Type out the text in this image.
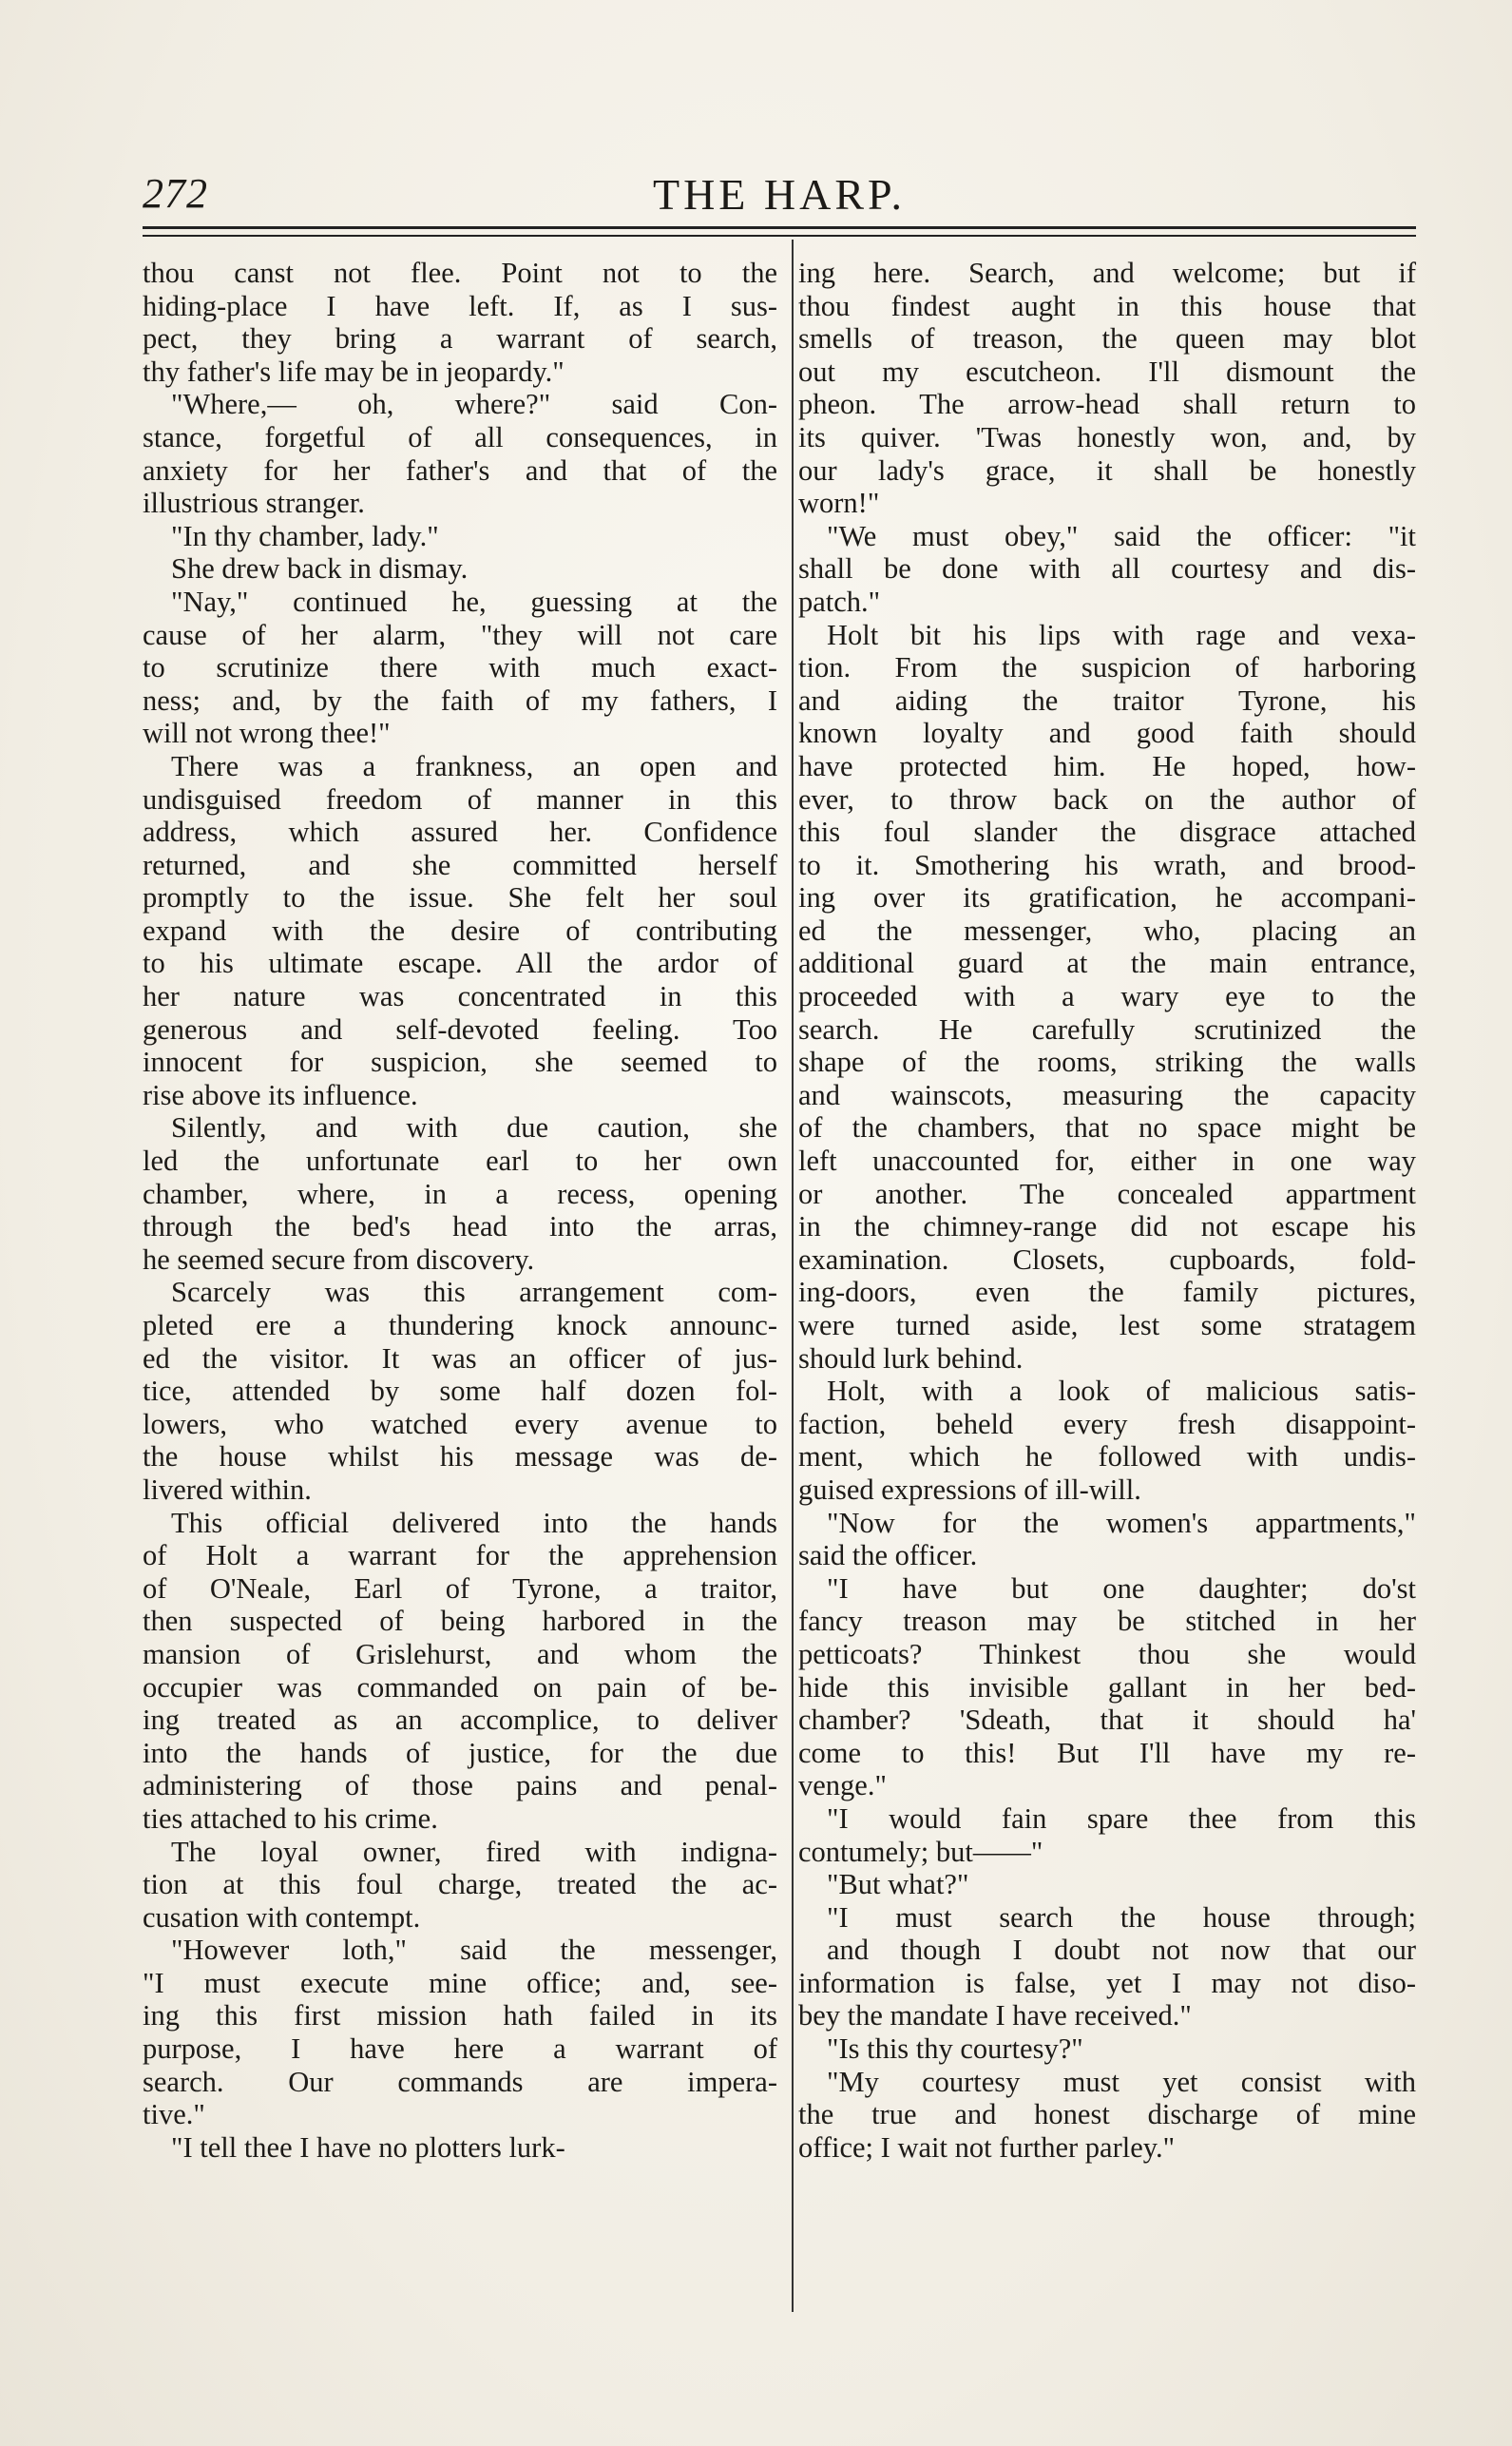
272	THE HARP.
thou canst not flee. Point not to the
hiding-place I have left. If, as I sus-
pect, they bring a warrant of search,
thy father's life may be in jeopardy."
"Where,— oh, where?" said Con-
stance, forgetful of all consequences, in
anxiety for her father's and that of the
illustrious stranger.
"In thy chamber, lady."
She drew back in dismay.
"Nay," continued he, guessing at the
cause of her alarm, "they will not care
to scrutinize there with much exact-
ness; and, by the faith of my fathers, I
will not wrong thee!"
There was a frankness, an open and
undisguised freedom of manner in this
address, which assured her. Confidence
returned, and she committed herself
promptly to the issue. She felt her soul
expand with the desire of contributing
to his ultimate escape. All the ardor of
her nature was concentrated in this
generous and self-devoted feeling. Too
innocent for suspicion, she seemed to
rise above its influence.
Silently, and with due caution, she
led the unfortunate earl to her own
chamber, where, in a recess, opening
through the bed's head into the arras,
he seemed secure from discovery.
Scarcely was this arrangement com-
pleted ere a thundering knock announc-
ed the visitor. It was an officer of jus-
tice, attended by some half dozen fol-
lowers, who watched every avenue to
the house whilst his message was de-
livered within.
This official delivered into the hands
of Holt a warrant for the apprehension
of O'Neale, Earl of Tyrone, a traitor,
then suspected of being harbored in the
mansion of Grislehurst, and whom the
occupier was commanded on pain of be-
ing treated as an accomplice, to deliver
into the hands of justice, for the due
administering of those pains and penal-
ties attached to his crime.
The loyal owner, fired with indigna-
tion at this foul charge, treated the ac-
cusation with contempt.
"However loth," said the messenger,
"I must execute mine office; and, see-
ing this first mission hath failed in its
purpose, I have here a warrant of
search. Our commands are impera-
tive."
"I tell thee I have no plotters lurk-
ing here. Search, and welcome; but if
thou findest aught in this house that
smells of treason, the queen may blot
out my escutcheon. I'll dismount the
pheon. The arrow-head shall return to
its quiver. 'Twas honestly won, and, by
our lady's grace, it shall be honestly
worn!"
"We must obey," said the officer: "it
shall be done with all courtesy and dis-
patch."
Holt bit his lips with rage and vexa-
tion. From the suspicion of harboring
and aiding the traitor Tyrone, his
known loyalty and good faith should
have protected him. He hoped, how-
ever, to throw back on the author of
this foul slander the disgrace attached
to it. Smothering his wrath, and brood-
ing over its gratification, he accompani-
ed the messenger, who, placing an
additional guard at the main entrance,
proceeded with a wary eye to the
search. He carefully scrutinized the
shape of the rooms, striking the walls
and wainscots, measuring the capacity
of the chambers, that no space might be
left unaccounted for, either in one way
or another. The concealed appartment
in the chimney-range did not escape his
examination. Closets, cupboards, fold-
ing-doors, even the family pictures,
were turned aside, lest some stratagem
should lurk behind.
Holt, with a look of malicious satis-
faction, beheld every fresh disappoint-
ment, which he followed with undis-
guised expressions of ill-will.
"Now for the women's appartments,"
said the officer.
"I have but one daughter; do'st
fancy treason may be stitched in her
petticoats? Thinkest thou she would
hide this invisible gallant in her bed-
chamber? 'Sdeath, that it should ha'
come to this! But I'll have my re-
venge."
"I would fain spare thee from this
contumely; but——"
"But what?"
"I must search the house through;
and though I doubt not now that our
information is false, yet I may not diso-
bey the mandate I have received."
"Is this thy courtesy?"
"My courtesy must yet consist with
the true and honest discharge of mine
office; I wait not further parley."
